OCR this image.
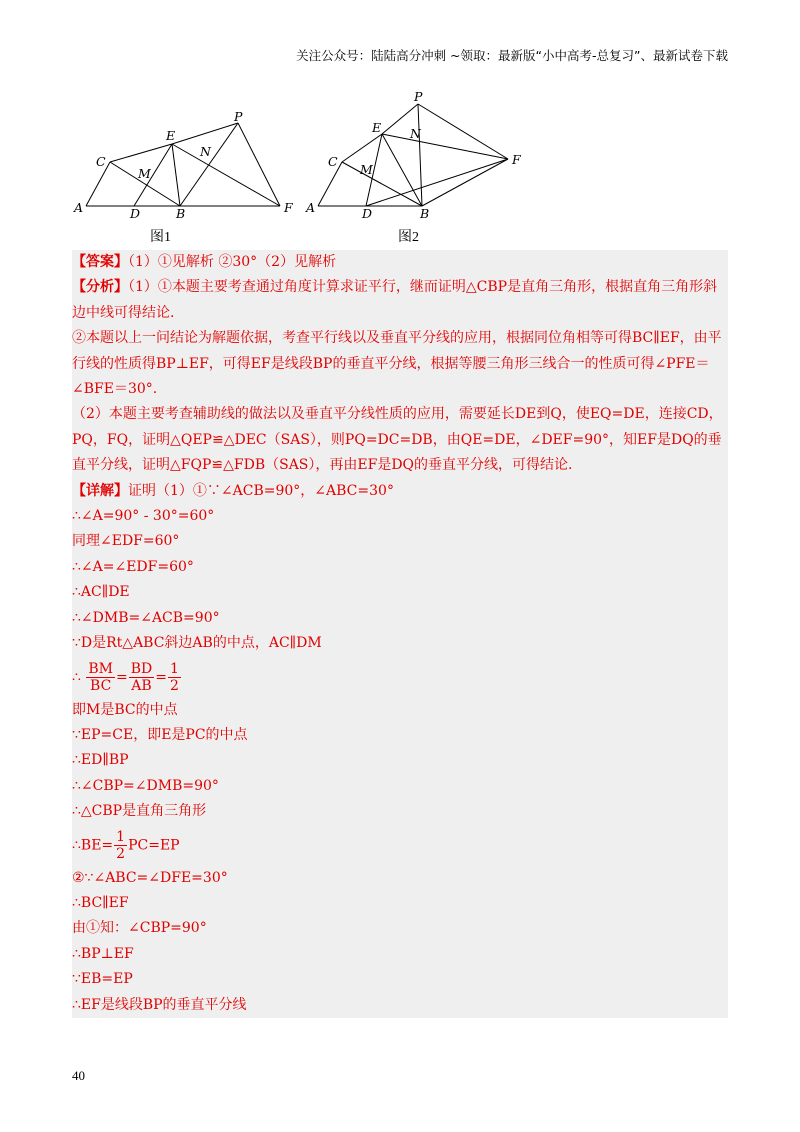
关注公众号：陆陆高分冲刺 ~领取：最新版“小中高考-总复习”、最新试卷下载
A	D	B	F
C
E
P
M
N
图1
A	D	B
F
C
E
P
M
N
图2
【答案】（1）①见解析 ②30°（2）见解析
【分析】（1）①本题主要考查通过角度计算求证平行，继而证明△CBP是直角三角形，根据直角三角形斜边中线可得结论.
②本题以上一问结论为解题依据，考查平行线以及垂直平分线的应用，根据同位角相等可得BC∥EF，由平行线的性质得BP⊥EF，可得EF是线段BP的垂直平分线，根据等腰三角形三线合一的性质可得∠PFE＝∠BFE＝30°.
（2）本题主要考查辅助线的做法以及垂直平分线性质的应用，需要延长DE到Q，使EQ=DE，连接CD，PQ，FQ，证明△QEP≌△DEC（SAS），则PQ=DC=DB，由QE=DE，∠DEF=90°，知EF是DQ的垂直平分线，证明△FQP≌△FDB（SAS），再由EF是DQ的垂直平分线，可得结论.
【详解】证明（1）①∵∠ACB=90°，∠ABC=30°
∴∠A=90° - 30°=60°
同理∠EDF=60°
∴∠A=∠EDF=60°
∴AC∥DE
∴∠DMB=∠ACB=90°
∵D是Rt△ABC斜边AB的中点，AC∥DM
∴ $\frac{BM}{BC} = \frac{BD}{AB} = \frac{1}{2}$
即M是BC的中点
∵EP=CE，即E是PC的中点
∴ED∥BP
∴∠CBP=∠DMB=90°
∴△CBP是直角三角形
∴BE= $\frac{1}{2} PC=EP$
②∵∠ABC=∠DFE=30°
∴BC∥EF
由①知：∠CBP=90°
∴BP⊥EF
∵EB=EP
∴EF是线段BP的垂直平分线
40
